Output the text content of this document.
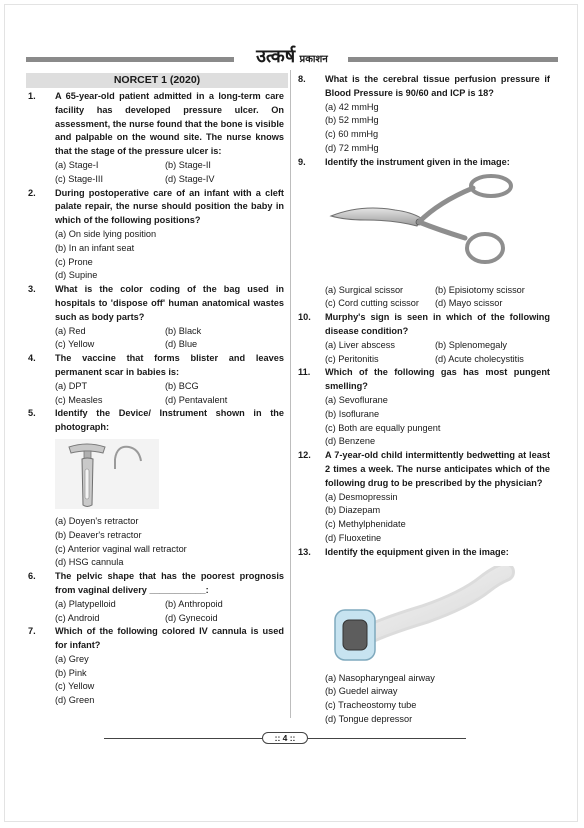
उत्कर्ष प्रकाशन
NORCET 1 (2020)
1. A 65-year-old patient admitted in a long-term care facility has developed pressure ulcer. On assessment, the nurse found that the bone is visible and palpable on the wound site. The nurse knows that the stage of the pressure ulcer is:
(a) Stage-I	(b) Stage-II
(c) Stage-III	(d) Stage-IV
2. During postoperative care of an infant with a cleft palate repair, the nurse should position the baby in which of the following positions?
(a) On side lying position
(b) In an infant seat
(c) Prone
(d) Supine
3. What is the color coding of the bag used in hospitals to 'dispose off' human anatomical wastes such as body parts?
(a) Red	(b) Black
(c) Yellow	(d) Blue
4. The vaccine that forms blister and leaves permanent scar in babies is:
(a) DPT	(b) BCG
(c) Measles	(d) Pentavalent
5. Identify the Device/ Instrument shown in the photograph:
(a) Doyen's retractor
(b) Deaver's retractor
(c) Anterior vaginal wall retractor
(d) HSG cannula
6. The pelvic shape that has the poorest prognosis from vaginal delivery ___________:
(a) Platypelloid	(b) Anthropoid
(c) Android	(d) Gynecoid
7. Which of the following colored IV cannula is used for infant?
(a) Grey
(b) Pink
(c) Yellow
(d) Green
8. What is the cerebral tissue perfusion pressure if Blood Pressure is 90/60 and ICP is 18?
(a) 42 mmHg
(b) 52 mmHg
(c) 60 mmHg
(d) 72 mmHg
9. Identify the instrument given in the image:
(a) Surgical scissor	(b) Episiotomy scissor
(c) Cord cutting scissor	(d) Mayo scissor
10. Murphy's sign is seen in which of the following disease condition?
(a) Liver abscess	(b) Splenomegaly
(c) Peritonitis	(d) Acute cholecystitis
11. Which of the following gas has most pungent smelling?
(a) Sevoflurane
(b) Isoflurane
(c) Both are equally pungent
(d) Benzene
12. A 7-year-old child intermittently bedwetting at least 2 times a week. The nurse anticipates which of the following drug to be prescribed by the physician?
(a) Desmopressin
(b) Diazepam
(c) Methylphenidate
(d) Fluoxetine
13. Identify the equipment given in the image:
(a) Nasopharyngeal airway
(b) Guedel airway
(c) Tracheostomy tube
(d) Tongue depressor
:: 4 ::
